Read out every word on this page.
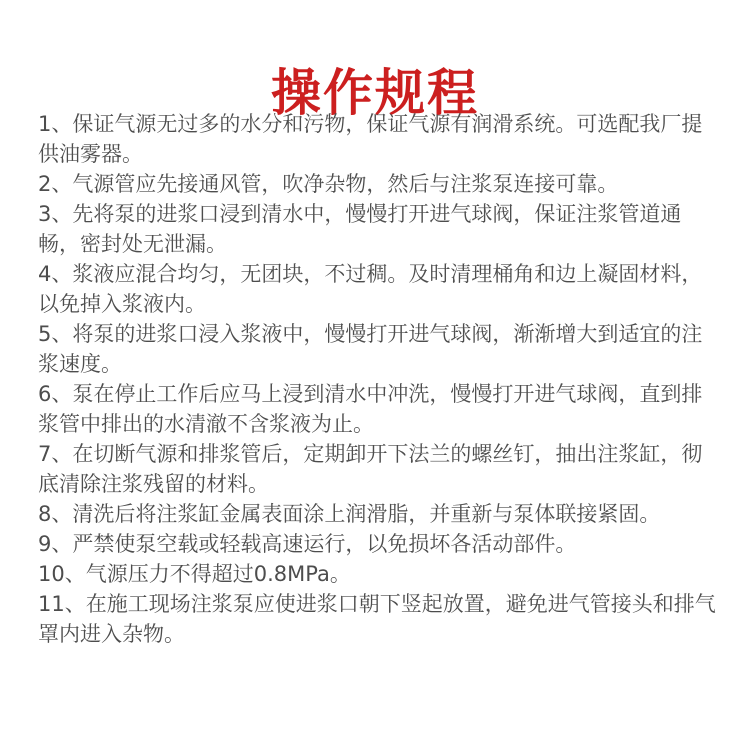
操作规程
1、保证气源无过多的水分和污物，保证气源有润滑系统。可选配我厂提供油雾器。
2、气源管应先接通风管，吹净杂物，然后与注浆泵连接可靠。
3、先将泵的进浆口浸到清水中，慢慢打开进气球阀，保证注浆管道通畅，密封处无泄漏。
4、浆液应混合均匀，无团块，不过稠。及时清理桶角和边上凝固材料，以免掉入浆液内。
5、将泵的进浆口浸入浆液中，慢慢打开进气球阀，渐渐增大到适宜的注浆速度。
6、泵在停止工作后应马上浸到清水中冲洗，慢慢打开进气球阀，直到排浆管中排出的水清澈不含浆液为止。
7、在切断气源和排浆管后，定期卸开下法兰的螺丝钉，抽出注浆缸，彻底清除注浆残留的材料。
8、清洗后将注浆缸金属表面涂上润滑脂，并重新与泵体联接紧固。
9、严禁使泵空载或轻载高速运行，以免损坏各活动部件。
10、气源压力不得超过0.8MPa。
11、在施工现场注浆泵应使进浆口朝下竖起放置，避免进气管接头和排气罩内进入杂物。
